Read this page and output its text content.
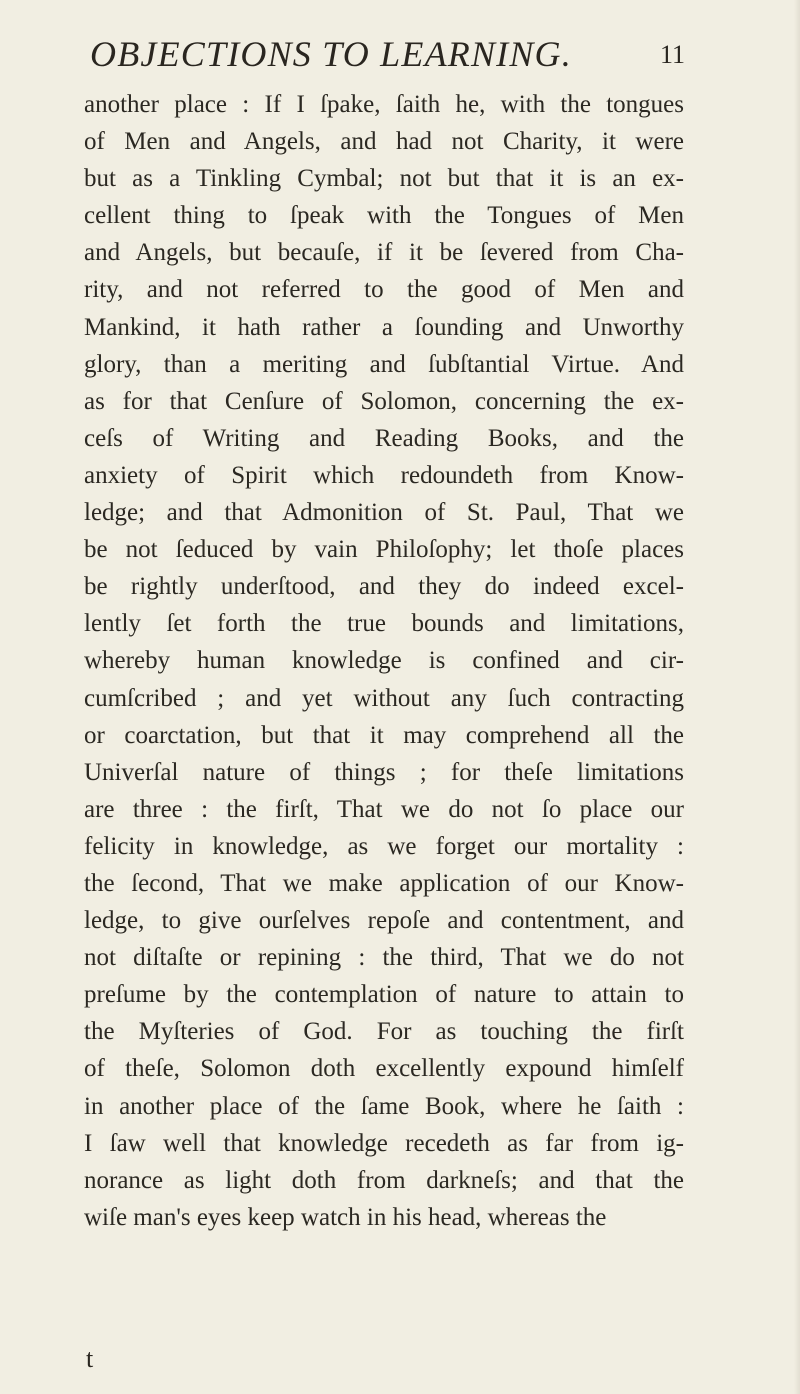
OBJECTIONS TO LEARNING.	11
another place : If I ſpake, ſaith he, with the tongues
of Men and Angels, and had not Charity, it were
but as a Tinkling Cymbal; not but that it is an ex-
cellent thing to ſpeak with the Tongues of Men
and Angels, but becauſe, if it be ſevered from Cha-
rity, and not referred to the good of Men and
Mankind, it hath rather a ſounding and Unworthy
glory, than a meriting and ſubſtantial Virtue. And
as for that Cenſure of Solomon, concerning the ex-
ceſs of Writing and Reading Books, and the
anxiety of Spirit which redoundeth from Know-
ledge; and that Admonition of St. Paul, That we
be not ſeduced by vain Philoſophy; let thoſe places
be rightly underſtood, and they do indeed excel-
lently ſet forth the true bounds and limitations,
whereby human knowledge is confined and cir-
cumſcribed ; and yet without any ſuch contracting
or coarctation, but that it may comprehend all the
Univerſal nature of things ; for theſe limitations
are three : the firſt, That we do not ſo place our
felicity in knowledge, as we forget our mortality :
the ſecond, That we make application of our Know-
ledge, to give ourſelves repoſe and contentment, and
not diſtaſte or repining : the third, That we do not
preſume by the contemplation of nature to attain to
the Myſteries of God. For as touching the firſt
of theſe, Solomon doth excellently expound himſelf
in another place of the ſame Book, where he ſaith :
I ſaw well that knowledge recedeth as far from ig-
norance as light doth from darkneſs; and that the
wiſe man's eyes keep watch in his head, whereas the
t
